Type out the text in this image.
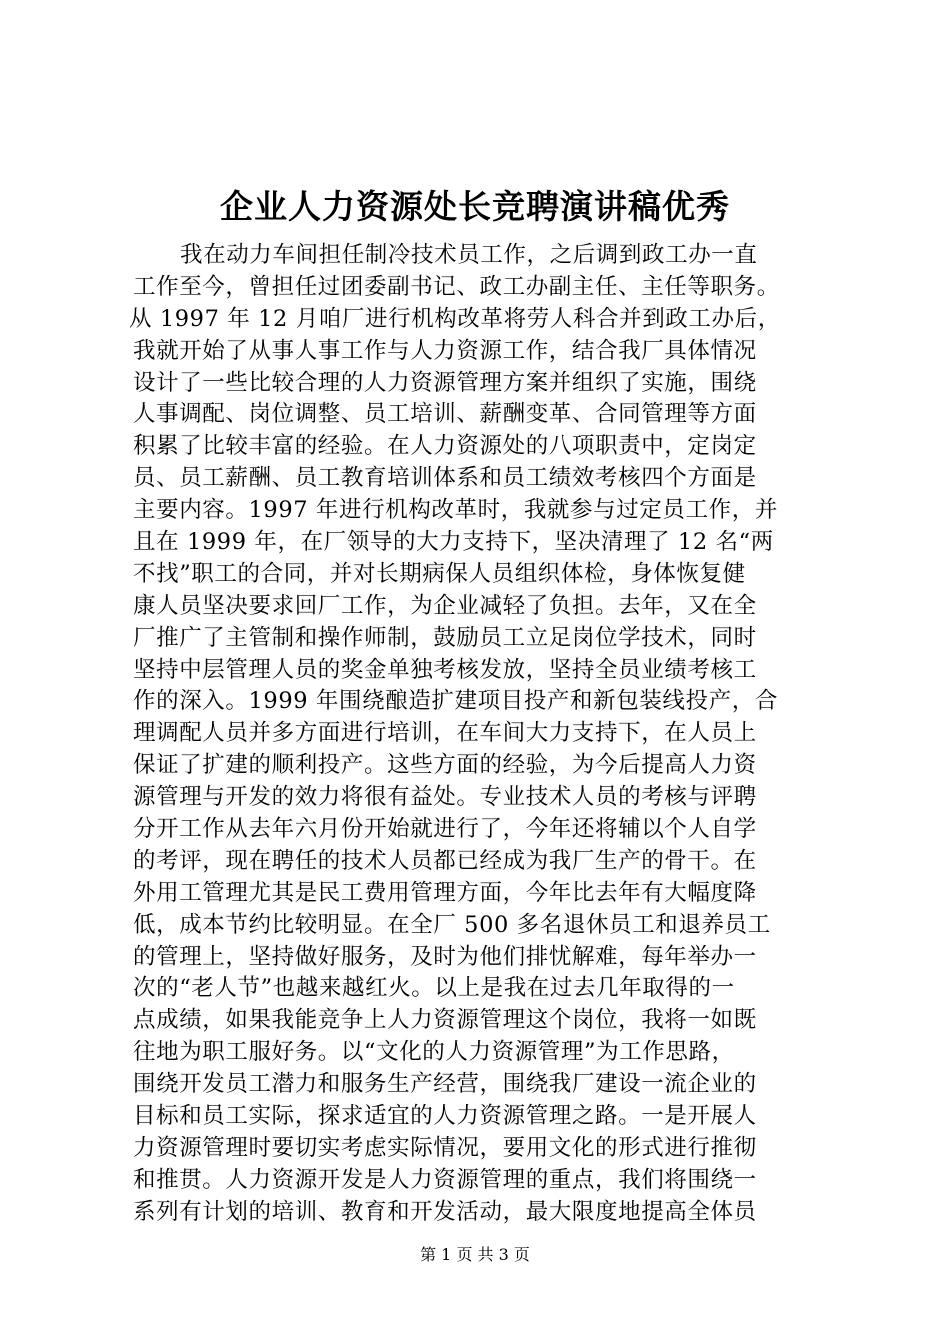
企业人力资源处长竞聘演讲稿优秀
我在动力车间担任制冷技术员工作，之后调到政工办一直
工作至今，曾担任过团委副书记、政工办副主任、主任等职务。
从 1997 年 12 月咱厂进行机构改革将劳人科合并到政工办后，
我就开始了从事人事工作与人力资源工作，结合我厂具体情况
设计了一些比较合理的人力资源管理方案并组织了实施，围绕
人事调配、岗位调整、员工培训、薪酬变革、合同管理等方面
积累了比较丰富的经验。在人力资源处的八项职责中，定岗定
员、员工薪酬、员工教育培训体系和员工绩效考核四个方面是
主要内容。1997 年进行机构改革时，我就参与过定员工作，并
且在 1999 年，在厂领导的大力支持下，坚决清理了 12 名“两
不找”职工的合同，并对长期病保人员组织体检，身体恢复健
康人员坚决要求回厂工作，为企业减轻了负担。去年，又在全
厂推广了主管制和操作师制，鼓励员工立足岗位学技术，同时
坚持中层管理人员的奖金单独考核发放，坚持全员业绩考核工
作的深入。1999 年围绕酿造扩建项目投产和新包装线投产，合
理调配人员并多方面进行培训，在车间大力支持下，在人员上
保证了扩建的顺利投产。这些方面的经验，为今后提高人力资
源管理与开发的效力将很有益处。专业技术人员的考核与评聘
分开工作从去年六月份开始就进行了，今年还将辅以个人自学
的考评，现在聘任的技术人员都已经成为我厂生产的骨干。在
外用工管理尤其是民工费用管理方面，今年比去年有大幅度降
低，成本节约比较明显。在全厂 500 多名退休员工和退养员工
的管理上，坚持做好服务，及时为他们排忧解难，每年举办一
次的“老人节”也越来越红火。以上是我在过去几年取得的一
点成绩，如果我能竞争上人力资源管理这个岗位，我将一如既
往地为职工服好务。以“文化的人力资源管理”为工作思路，
围绕开发员工潜力和服务生产经营，围绕我厂建设一流企业的
目标和员工实际，探求适宜的人力资源管理之路。一是开展人
力资源管理时要切实考虑实际情况，要用文化的形式进行推彻
和推贯。人力资源开发是人力资源管理的重点，我们将围绕一
系列有计划的培训、教育和开发活动，最大限度地提高全体员
第 1 页 共 3 页
